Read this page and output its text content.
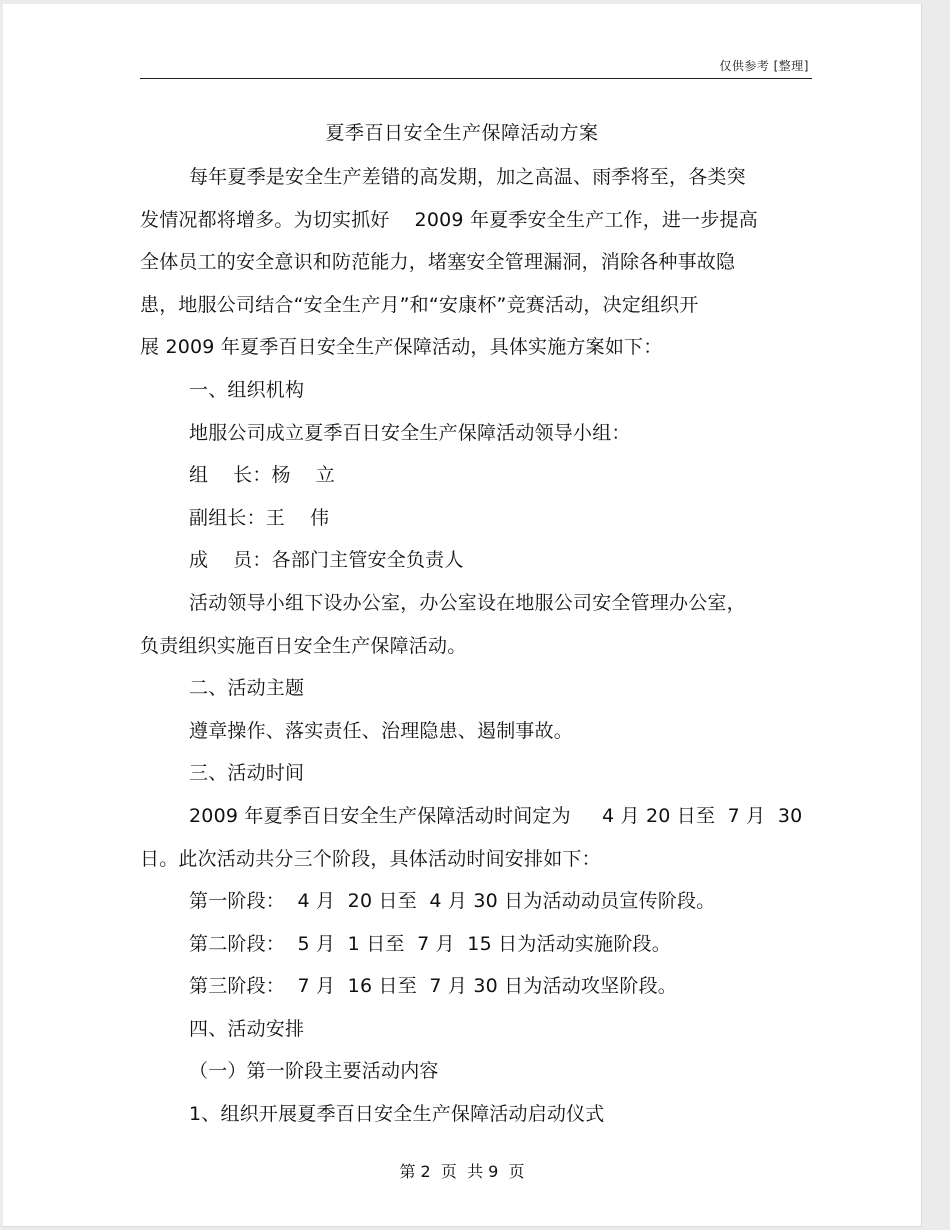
仅供参考 [整理]
夏季百日安全生产保障活动方案
每年夏季是安全生产差错的高发期，加之高温、雨季将至，各类突
发情况都将增多。为切实抓好    2009 年夏季安全生产工作，进一步提高
全体员工的安全意识和防范能力，堵塞安全管理漏洞，消除各种事故隐
患，地服公司结合“安全生产月”和“安康杯”竞赛活动，决定组织开
展 2009 年夏季百日安全生产保障活动，具体实施方案如下：
一、组织机构
地服公司成立夏季百日安全生产保障活动领导小组：
组    长：杨    立
副组长：王    伟
成    员：各部门主管安全负责人
活动领导小组下设办公室，办公室设在地服公司安全管理办公室，
负责组织实施百日安全生产保障活动。
二、活动主题
遵章操作、落实责任、治理隐患、遏制事故。
三、活动时间
2009 年夏季百日安全生产保障活动时间定为     4 月 20 日至  7 月  30
日。此次活动共分三个阶段，具体活动时间安排如下：
第一阶段：  4 月  20 日至  4 月 30 日为活动动员宣传阶段。
第二阶段：  5 月  1 日至  7 月  15 日为活动实施阶段。
第三阶段：  7 月  16 日至  7 月 30 日为活动攻坚阶段。
四、活动安排
（一）第一阶段主要活动内容
1、组织开展夏季百日安全生产保障活动启动仪式
第 2  页  共 9  页
